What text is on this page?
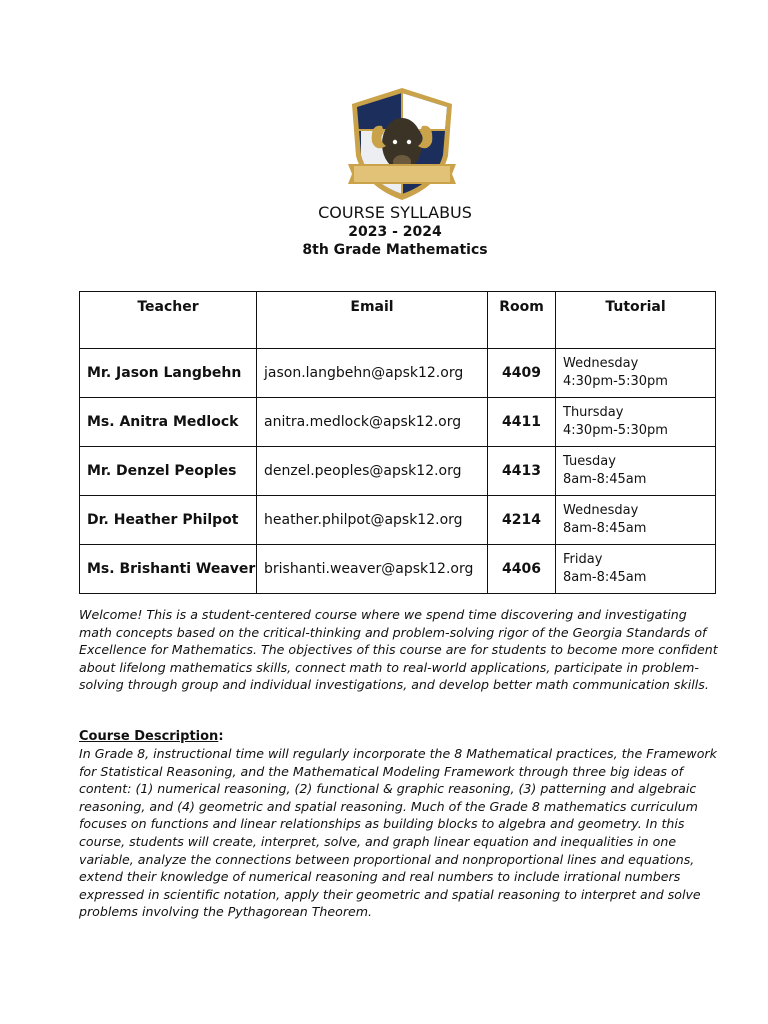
COURSE SYLLABUS
2023 - 2024
8th Grade Mathematics
Teacher	Email	Room	Tutorial
Mr. Jason Langbehn	jason.langbehn@apsk12.org	4409	Wednesday
4:30pm-5:30pm

Ms. Anitra Medlock	anitra.medlock@apsk12.org	4411	Thursday
4:30pm-5:30pm

Mr. Denzel Peoples	denzel.peoples@apsk12.org	4413	Tuesday
8am-8:45am

Dr. Heather Philpot	heather.philpot@apsk12.org	4214	Wednesday
8am-8:45am

Ms. Brishanti Weaver	brishanti.weaver@apsk12.org	4406	Friday
8am-8:45am
Welcome! This is a student-centered course where we spend time discovering and investigating math concepts based on the critical-thinking and problem-solving rigor of the Georgia Standards of Excellence for Mathematics. The objectives of this course are for students to become more confident about lifelong mathematics skills, connect math to real-world applications, participate in problem-solving through group and individual investigations, and develop better math communication skills.
Course Description:
In Grade 8, instructional time will regularly incorporate the 8 Mathematical practices, the Framework for Statistical Reasoning, and the Mathematical Modeling Framework through three big ideas of content: (1) numerical reasoning, (2) functional & graphic reasoning, (3) patterning and algebraic reasoning, and (4) geometric and spatial reasoning. Much of the Grade 8 mathematics curriculum focuses on functions and linear relationships as building blocks to algebra and geometry. In this course, students will create, interpret, solve, and graph linear equation and inequalities in one variable, analyze the connections between proportional and nonproportional lines and equations, extend their knowledge of numerical reasoning and real numbers to include irrational numbers expressed in scientific notation, apply their geometric and spatial reasoning to interpret and solve problems involving the Pythagorean Theorem.
